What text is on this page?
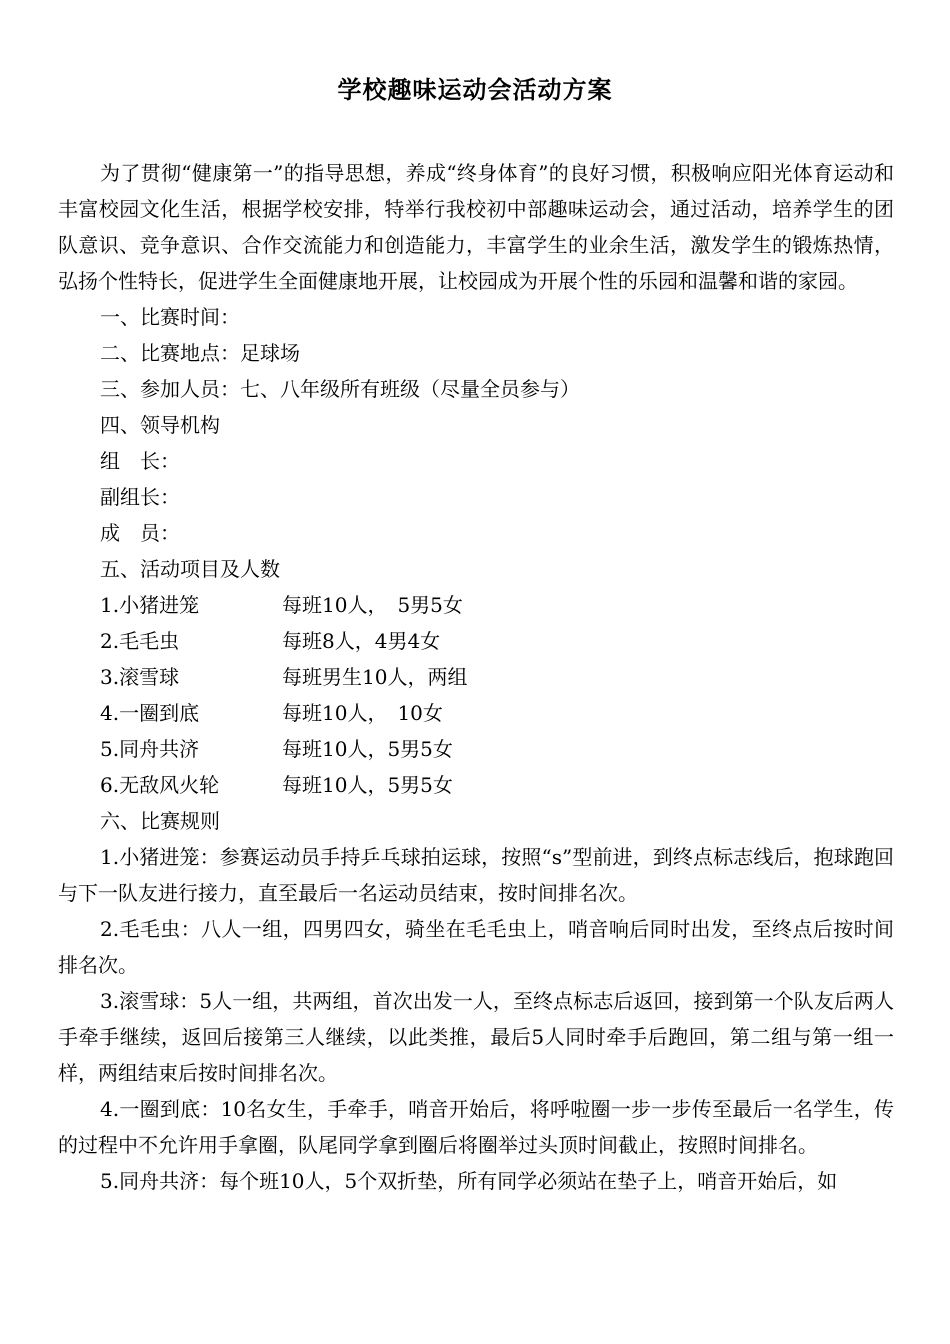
学校趣味运动会活动方案

为了贯彻“健康第一”的指导思想，养成“终身体育”的良好习惯，积极响应阳光体育运动和丰富校园文化生活，根据学校安排，特举行我校初中部趣味运动会，通过活动，培养学生的团队意识、竞争意识、合作交流能力和创造能力，丰富学生的业余生活，激发学生的锻炼热情，弘扬个性特长，促进学生全面健康地开展，让校园成为开展个性的乐园和温馨和谐的家园。

一、比赛时间：

二、比赛地点：足球场

三、参加人员：七、八年级所有班级（尽量全员参与）

四、领导机构

组　长：

副组长：

成　员：

五、活动项目及人数

1.小猪进笼	每班10人，　5男5女
2.毛毛虫	每班8人，4男4女
3.滚雪球	每班男生10人，两组
4.一圈到底	每班10人，　10女
5.同舟共济	每班10人，5男5女
6.无敌风火轮	每班10人，5男5女

六、比赛规则

1.小猪进笼：参赛运动员手持乒乓球拍运球，按照“s”型前进，到终点标志线后，抱球跑回与下一队友进行接力，直至最后一名运动员结束，按时间排名次。

2.毛毛虫：八人一组，四男四女，骑坐在毛毛虫上，哨音响后同时出发，至终点后按时间排名次。

3.滚雪球：5人一组，共两组，首次出发一人，至终点标志后返回，接到第一个队友后两人手牵手继续，返回后接第三人继续，以此类推，最后5人同时牵手后跑回，第二组与第一组一样，两组结束后按时间排名次。

4.一圈到底：10名女生，手牵手，哨音开始后，将呼啦圈一步一步传至最后一名学生，传的过程中不允许用手拿圈，队尾同学拿到圈后将圈举过头顶时间截止，按照时间排名。

5.同舟共济：每个班10人，5个双折垫，所有同学必须站在垫子上，哨音开始后，如
